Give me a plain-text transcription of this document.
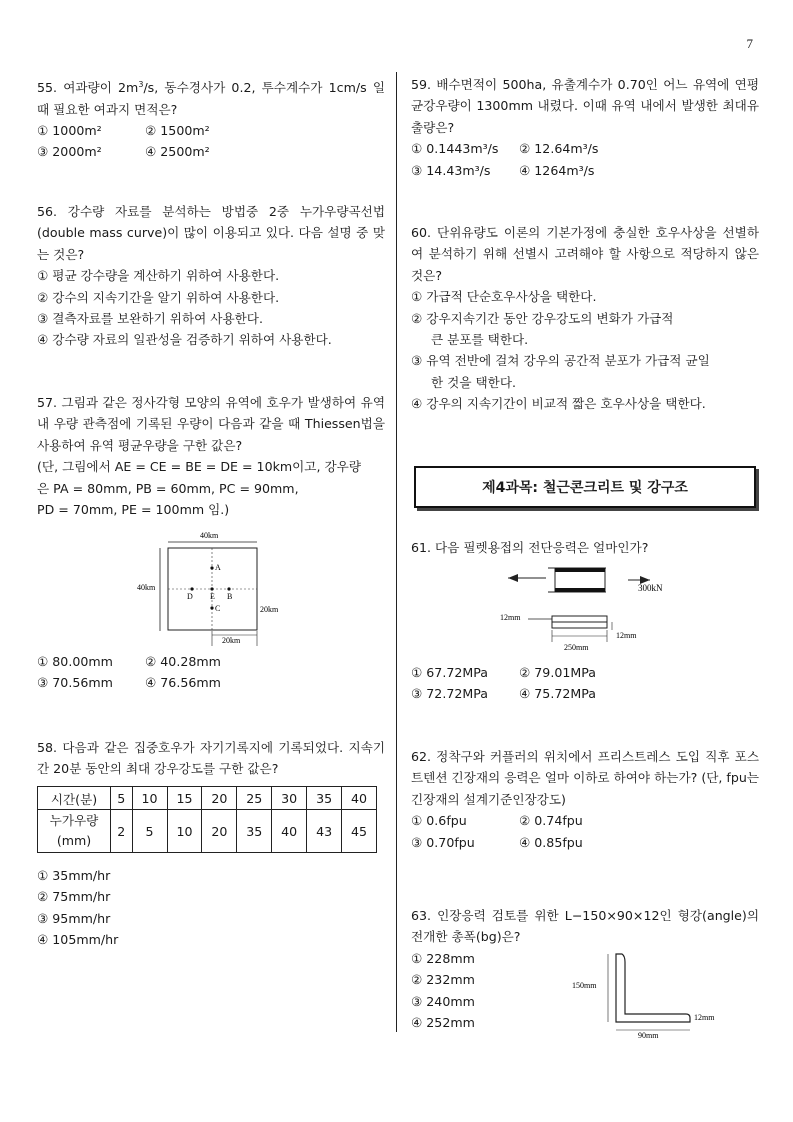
7

55. 여과량이 $2m^3/s$, 동수경사가 0.2, 투수계수가 1cm/s 일 때 필요한 여과지 면적은?

① 1000m²	② 1500m²
③ 2000m²	④ 2500m²

56. 강수량 자료를 분석하는 방법중 2중 누가우량곡선법 (double mass curve)이 많이 이용되고 있다. 다음 설명 중 맞는 것은?

① 평균 강수량을 계산하기 위하여 사용한다.
② 강수의 지속기간을 알기 위하여 사용한다.
③ 결측자료를 보완하기 위하여 사용한다.
④ 강수량 자료의 일관성을 검증하기 위하여 사용한다.

57. 그림과 같은 정사각형 모양의 유역에 호우가 발생하여 유역 내 우량 관측점에 기록된 우량이 다음과 같을 때 Thiessen법을 사용하여 유역 평균우량을 구한 값은?

(단, 그림에서 AE = CE = BE = DE = 10km이고, 강우량
은 PA = 80mm, PB = 60mm, PC = 90mm,
PD = 70mm, PE = 100mm 임.)
40km
40km
A
E
D	B
C	20km
20km
① 80.00mm	② 40.28mm
③ 70.56mm	④ 76.56mm

58. 다음과 같은 집중호우가 자기기록지에 기록되었다. 지속기간 20분 동안의 최대 강우강도를 구한 값은?

시간(분)	5	10	15	20	25	30	35	40

누가우량
(mm)	2	5	10	20	35	40	43	45
① 35mm/hr
② 75mm/hr
③ 95mm/hr
④ 105mm/hr

59. 배수면적이 500ha, 유출계수가 0.70인 어느 유역에 연평균강우량이 1300mm 내렸다. 이때 유역 내에서 발생한 최대유출량은?

① 0.1443m³/s	② 12.64m³/s
③ 14.43m³/s	④ 1264m³/s

60. 단위유량도 이론의 기본가정에 충실한 호우사상을 선별하여 분석하기 위해 선별시 고려해야 할 사항으로 적당하지 않은 것은?

① 가급적 단순호우사상을 택한다.
② 강우지속기간 동안 강우강도의 변화가 가급적
큰 분포를 택한다.
③ 유역 전반에 걸쳐 강우의 공간적 분포가 가급적 균일
한 것을 택한다.
④ 강우의 지속기간이 비교적 짧은 호우사상을 택한다.
제4과목: 철근콘크리트 및 강구조

61. 다음 필렛용접의 전단응력은 얼마인가?

300kN
12mm
250mm
12mm
① 67.72MPa	② 79.01MPa
③ 72.72MPa	④ 75.72MPa

62. 정착구와 커플러의 위치에서 프리스트레스 도입 직후 포스트텐션 긴장재의 응력은 얼마 이하로 하여야 하는가? (단, fpu는 긴장재의 설계기준인장강도)

① 0.6fpu	② 0.74fpu
③ 0.70fpu	④ 0.85fpu

63. 인장응력 검토를 위한 L−150×90×12인 형강(angle)의 전개한 총폭(bg)은?

① 228mm
② 232mm
③ 240mm
④ 252mm
150mm
90mm
12mm
